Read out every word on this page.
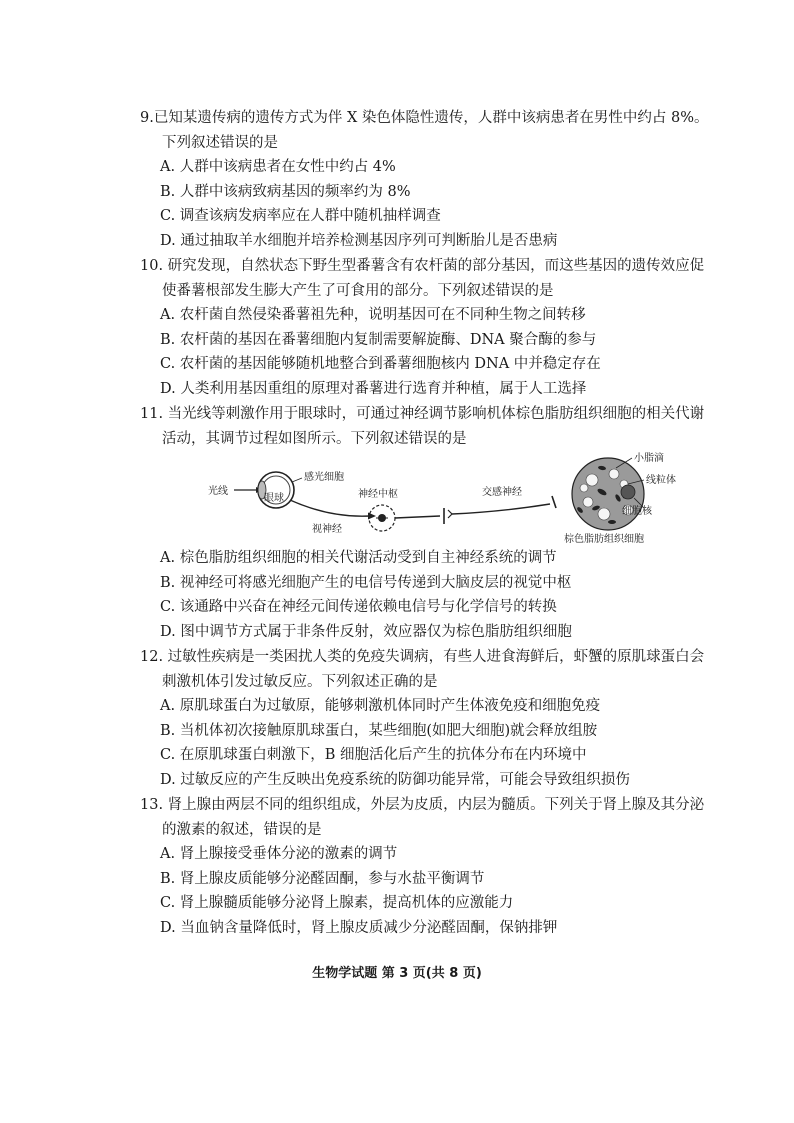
9.已知某遗传病的遗传方式为伴 X 染色体隐性遗传，人群中该病患者在男性中约占 8%。
下列叙述错误的是
A. 人群中该病患者在女性中约占 4%
B. 人群中该病致病基因的频率约为 8%
C. 调查该病发病率应在人群中随机抽样调查
D. 通过抽取羊水细胞并培养检测基因序列可判断胎儿是否患病
10. 研究发现，自然状态下野生型番薯含有农杆菌的部分基因，而这些基因的遗传效应促
使番薯根部发生膨大产生了可食用的部分。下列叙述错误的是
A. 农杆菌自然侵染番薯祖先种，说明基因可在不同种生物之间转移
B. 农杆菌的基因在番薯细胞内复制需要解旋酶、DNA 聚合酶的参与
C. 农杆菌的基因能够随机地整合到番薯细胞核内 DNA 中并稳定存在
D. 人类利用基因重组的原理对番薯进行选育并种植，属于人工选择
11. 当光线等刺激作用于眼球时，可通过神经调节影响机体棕色脂肪组织细胞的相关代谢
活动，其调节过程如图所示。下列叙述错误的是
光线
眼球
感光细胞
视神经
神经中枢	交感神经
小脂滴
线粒体
细胞核
棕色脂肪组织细胞
A. 棕色脂肪组织细胞的相关代谢活动受到自主神经系统的调节
B. 视神经可将感光细胞产生的电信号传递到大脑皮层的视觉中枢
C. 该通路中兴奋在神经元间传递依赖电信号与化学信号的转换
D. 图中调节方式属于非条件反射，效应器仅为棕色脂肪组织细胞
12. 过敏性疾病是一类困扰人类的免疫失调病，有些人进食海鲜后，虾蟹的原肌球蛋白会
刺激机体引发过敏反应。下列叙述正确的是
A. 原肌球蛋白为过敏原，能够刺激机体同时产生体液免疫和细胞免疫
B. 当机体初次接触原肌球蛋白，某些细胞(如肥大细胞)就会释放组胺
C. 在原肌球蛋白刺激下，B 细胞活化后产生的抗体分布在内环境中
D. 过敏反应的产生反映出免疫系统的防御功能异常，可能会导致组织损伤
13. 肾上腺由两层不同的组织组成，外层为皮质，内层为髓质。下列关于肾上腺及其分泌
的激素的叙述，错误的是
A. 肾上腺接受垂体分泌的激素的调节
B. 肾上腺皮质能够分泌醛固酮，参与水盐平衡调节
C. 肾上腺髓质能够分泌肾上腺素，提高机体的应激能力
D. 当血钠含量降低时，肾上腺皮质减少分泌醛固酮，保钠排钾
生物学试题 第 3 页(共 8 页)
